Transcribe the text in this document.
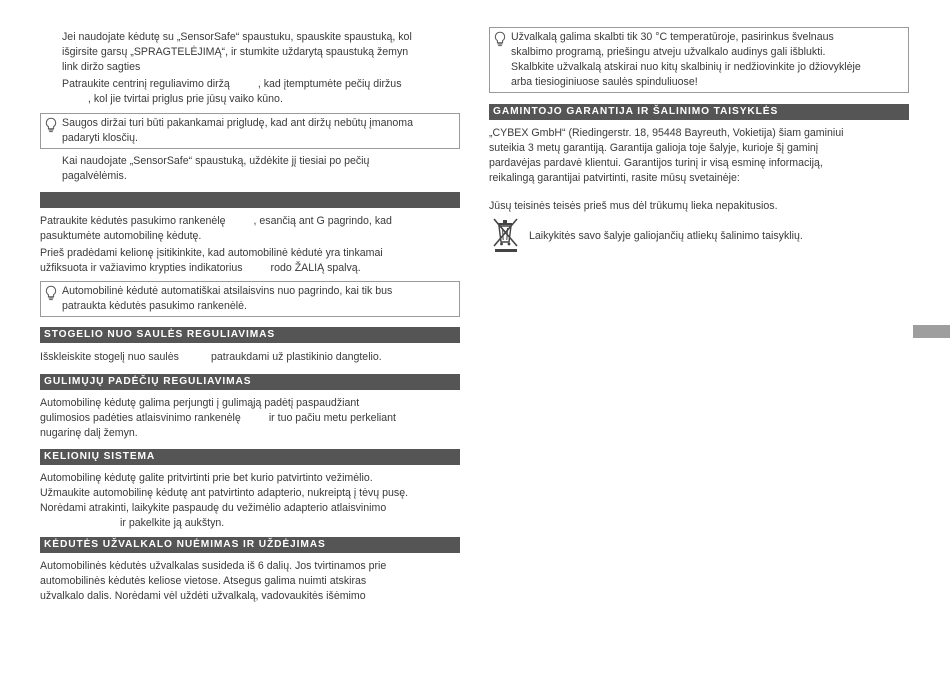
Jei naudojate kėdutę su „SensorSafe“ spaustuku, spauskite spaustuką, kol

išgirsite garsų „SPRAGTELĖJIMĄ“, ir stumkite uždarytą spaustuką žemyn

link diržo sagties

Patraukite centrinį reguliavimo diržą	, kad įtemptumėte pečių diržus

, kol jie tvirtai priglus prie jūsų vaiko kūno.

Saugos diržai turi būti pakankamai prigludę, kad ant diržų nebūtų įmanoma

padaryti klosčių.

Kai naudojate „SensorSafe“ spaustuką, uždėkite jį tiesiai po pečių

pagalvėlėmis.

Patraukite kėdutės pasukimo rankenėlę	, esančią ant G pagrindo, kad

pasuktumėte automobilinę kėdutę.

Prieš pradėdami kelionę įsitikinkite, kad automobilinė kėdutė yra tinkamai

užfiksuota ir važiavimo krypties indikatorius	rodo ŽALIĄ spalvą.

Automobilinė kėdutė automatiškai atsilaisvins nuo pagrindo, kai tik bus

patraukta kėdutės pasukimo rankenėlė.

STOGELIO NUO SAULĖS REGULIAVIMAS

Išskleiskite stogelį nuo saulės	patraukdami už plastikinio dangtelio.

GULIMŲJŲ PADĖČIŲ REGULIAVIMAS

Automobilinę kėdutę galima perjungti į gulimąją padėtį paspaudžiant

gulimosios padėties atlaisvinimo rankenėlę	ir tuo pačiu metu perkeliant

nugarinę dalį žemyn.

KELIONIŲ SISTEMA

Automobilinę kėdutę galite pritvirtinti prie bet kurio patvirtinto vežimėlio.

Užmaukite automobilinę kėdutę ant patvirtinto adapterio, nukreiptą į tėvų pusę.

Norėdami atrakinti, laikykite paspaudę du vežimėlio adapterio atlaisvinimo

ir pakelkite ją aukštyn.

KĖDUTĖS UŽVALKALO NUĖMIMAS IR UŽDĖJIMAS

Automobilinės kėdutės užvalkalas susideda iš 6 dalių. Jos tvirtinamos prie

automobilinės kėdutės keliose vietose. Atsegus galima nuimti atskiras

užvalkalo dalis. Norėdami vėl uždėti užvalkalą, vadovaukitės išėmimo

Užvalkalą galima skalbti tik 30 °C temperatūroje, pasirinkus švelnaus

skalbimo programą, priešingu atveju užvalkalo audinys gali išblukti.

Skalbkite užvalkalą atskirai nuo kitų skalbinių ir nedžiovinkite jo džiovyklėje

arba tiesioginiuose saulės spinduliuose!

GAMINTOJO GARANTIJA IR ŠALINIMO TAISYKLĖS

„CYBEX GmbH“ (Riedingerstr. 18, 95448 Bayreuth, Vokietija) šiam gaminiui

suteikia 3 metų garantiją. Garantija galioja toje šalyje, kurioje šį gaminį

pardavėjas pardavė klientui. Garantijos turinį ir visą esminę informaciją,

reikalingą garantijai patvirtinti, rasite mūsų svetainėje:

Jūsų teisinės teisės prieš mus dėl trūkumų lieka nepakitusios.

Laikykitės savo šalyje galiojančių atliekų šalinimo taisyklių.
